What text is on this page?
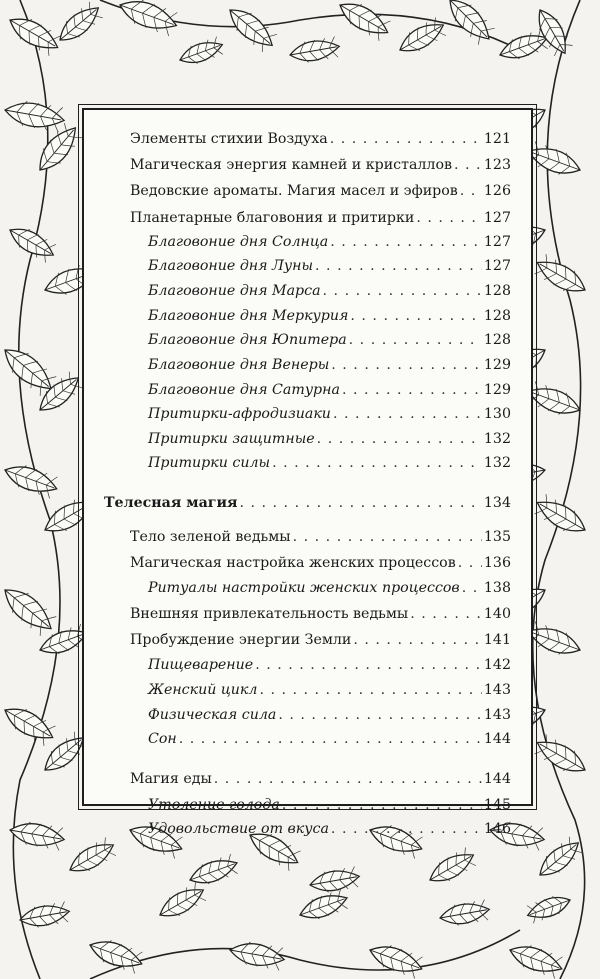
Элементы стихии Воздуха . . .	121
Магическая энергия камней и кристаллов . . . 123
Ведовские ароматы. Магия масел и эфиров . . . 126
Планетарные благовония и притирки . . .	127
Благовоние дня Солнца . . .	127
Благовоние дня Луны . . .	127
Благовоние дня Марса . . .	128
Благовоние дня Меркурия . . .	128
Благовоние дня Юпитера . . .	128
Благовоние дня Венеры . . .	129
Благовоние дня Сатурна . . .	129
Притирки-афродизиаки . . .	130
Притирки защитные . . .	132
Притирки силы . . .	132
Телесная магия . . .	134
Тело зеленой ведьмы . . .	135
Магическая настройка женских процессов . . . 136
Ритуалы настройки женских процессов . . . 138
Внешняя привлекательность ведьмы . . .	140
Пробуждение энергии Земли . . .	141
Пищеварение . . .	142
Женский цикл . . .	143
Физическая сила . . .	143
Сон . . .	144
Магия еды . . .	144
Утоление голода . . .	145
Удовольствие от вкуса . . .	146
